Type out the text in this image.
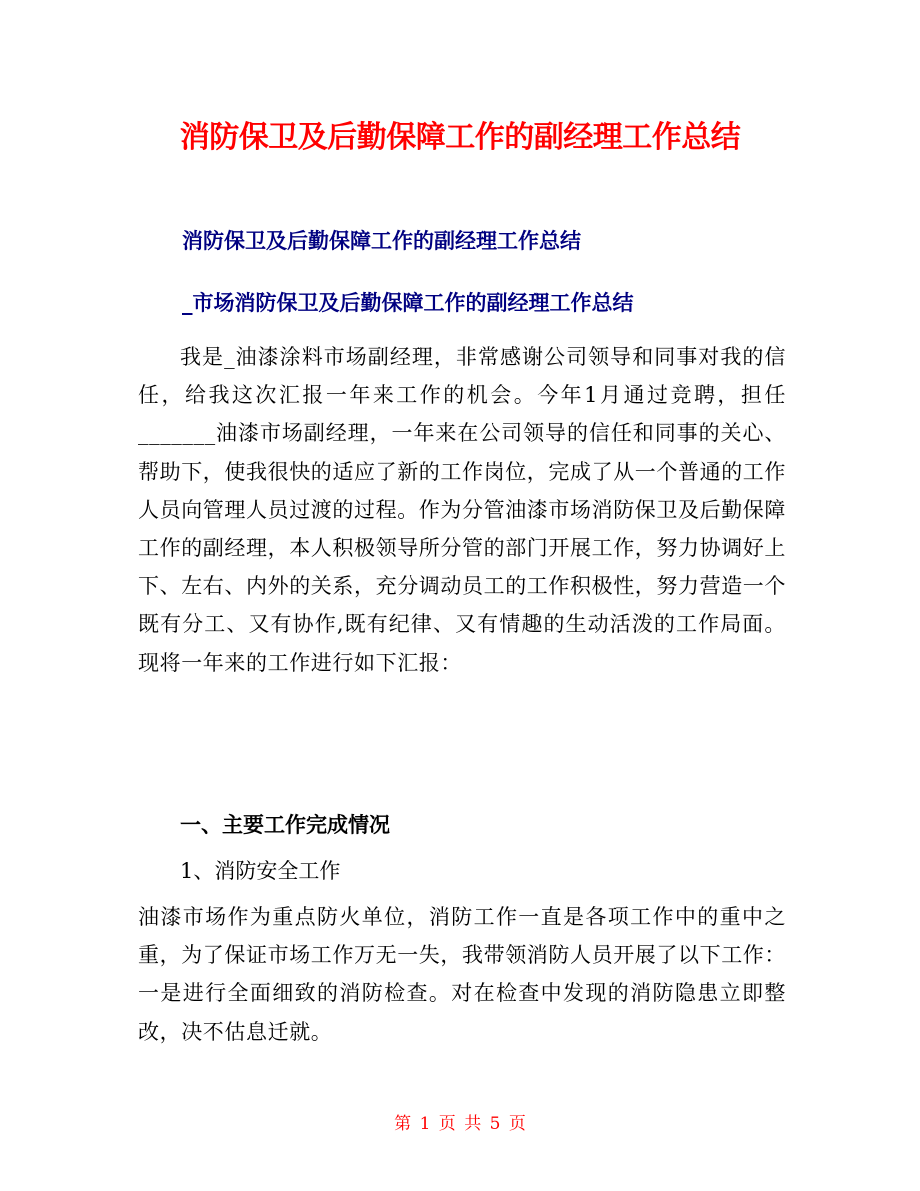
消防保卫及后勤保障工作的副经理工作总结
消防保卫及后勤保障工作的副经理工作总结
_市场消防保卫及后勤保障工作的副经理工作总结
我是_油漆涂料市场副经理，非常感谢公司领导和同事对我的信任，给我这次汇报一年来工作的机会。今年1月通过竞聘，担任_______油漆市场副经理，一年来在公司领导的信任和同事的关心、帮助下，使我很快的适应了新的工作岗位，完成了从一个普通的工作人员向管理人员过渡的过程。作为分管油漆市场消防保卫及后勤保障工作的副经理，本人积极领导所分管的部门开展工作，努力协调好上下、左右、内外的关系，充分调动员工的工作积极性，努力营造一个既有分工、又有协作,既有纪律、又有情趣的生动活泼的工作局面。现将一年来的工作进行如下汇报：
一、主要工作完成情况
1、消防安全工作
油漆市场作为重点防火单位，消防工作一直是各项工作中的重中之重，为了保证市场工作万无一失，我带领消防人员开展了以下工作：一是进行全面细致的消防检查。对在检查中发现的消防隐患立即整改，决不估息迁就。
第 1 页 共 5 页
